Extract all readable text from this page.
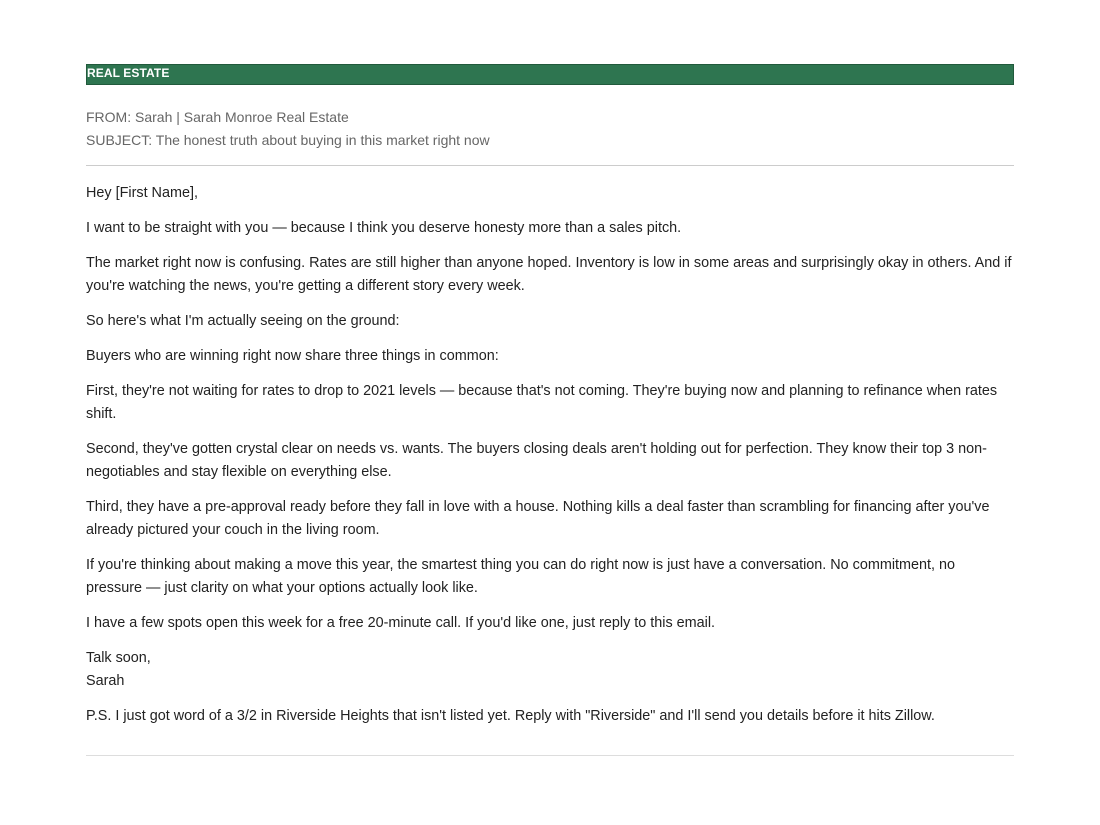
REAL ESTATE
FROM: Sarah | Sarah Monroe Real Estate
SUBJECT: The honest truth about buying in this market right now

Hey [First Name],

I want to be straight with you — because I think you deserve honesty more than a sales pitch.

The market right now is confusing. Rates are still higher than anyone hoped. Inventory is low in some areas and surprisingly okay in others. And if you're watching the news, you're getting a different story every week.

So here's what I'm actually seeing on the ground:

Buyers who are winning right now share three things in common:

First, they're not waiting for rates to drop to 2021 levels — because that's not coming. They're buying now and planning to refinance when rates shift.

Second, they've gotten crystal clear on needs vs. wants. The buyers closing deals aren't holding out for perfection. They know their top 3 non-negotiables and stay flexible on everything else.

Third, they have a pre-approval ready before they fall in love with a house. Nothing kills a deal faster than scrambling for financing after you've already pictured your couch in the living room.

If you're thinking about making a move this year, the smartest thing you can do right now is just have a conversation. No commitment, no pressure — just clarity on what your options actually look like.

I have a few spots open this week for a free 20-minute call. If you'd like one, just reply to this email.

Talk soon,
Sarah

P.S. I just got word of a 3/2 in Riverside Heights that isn't listed yet. Reply with "Riverside" and I'll send you details before it hits Zillow.
